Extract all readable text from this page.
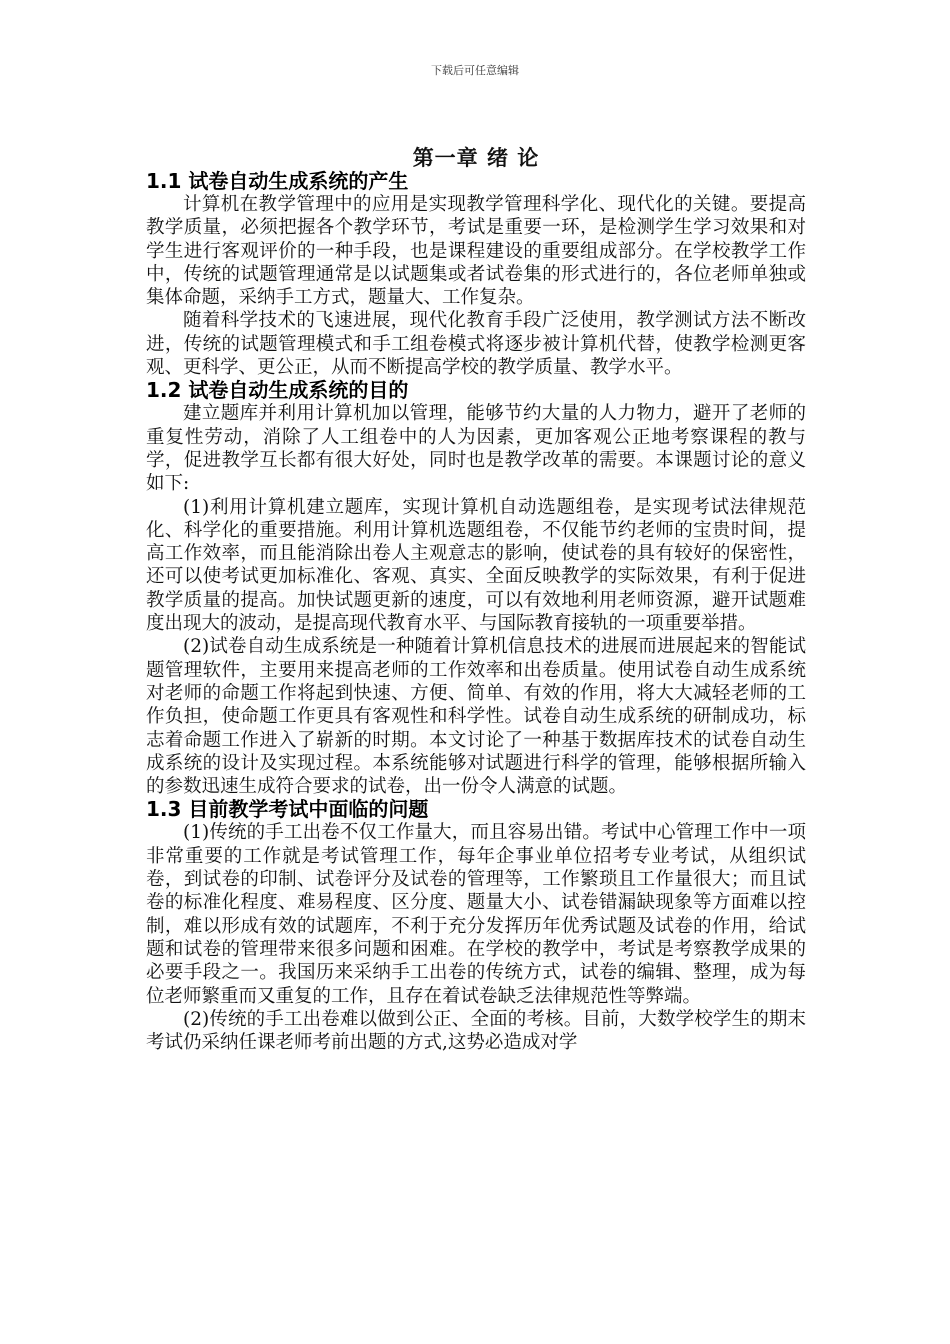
下载后可任意编辑
第一章 绪 论
1.1 试卷自动生成系统的产生

计算机在教学管理中的应用是实现教学管理科学化、现代化的关键。要提高教学质量，必须把握各个教学环节，考试是重要一环，是检测学生学习效果和对学生进行客观评价的一种手段，也是课程建设的重要组成部分。在学校教学工作中，传统的试题管理通常是以试题集或者试卷集的形式进行的，各位老师单独或集体命题，采纳手工方式，题量大、工作复杂。

随着科学技术的飞速进展，现代化教育手段广泛使用，教学测试方法不断改进，传统的试题管理模式和手工组卷模式将逐步被计算机代替，使教学检测更客观、更科学、更公正，从而不断提高学校的教学质量、教学水平。

1.2 试卷自动生成系统的目的

建立题库并利用计算机加以管理，能够节约大量的人力物力，避开了老师的重复性劳动，消除了人工组卷中的人为因素，更加客观公正地考察课程的教与学，促进教学互长都有很大好处，同时也是教学改革的需要。本课题讨论的意义如下:

(1)利用计算机建立题库，实现计算机自动选题组卷，是实现考试法律规范化、科学化的重要措施。利用计算机选题组卷，不仅能节约老师的宝贵时间，提高工作效率，而且能消除出卷人主观意志的影响，使试卷的具有较好的保密性，还可以使考试更加标准化、客观、真实、全面反映教学的实际效果，有利于促进教学质量的提高。加快试题更新的速度，可以有效地利用老师资源，避开试题难度出现大的波动，是提高现代教育水平、与国际教育接轨的一项重要举措。

(2)试卷自动生成系统是一种随着计算机信息技术的进展而进展起来的智能试题管理软件，主要用来提高老师的工作效率和出卷质量。使用试卷自动生成系统对老师的命题工作将起到快速、方便、简单、有效的作用，将大大减轻老师的工作负担，使命题工作更具有客观性和科学性。试卷自动生成系统的研制成功，标志着命题工作进入了崭新的时期。本文讨论了一种基于数据库技术的试卷自动生成系统的设计及实现过程。本系统能够对试题进行科学的管理，能够根据所输入的参数迅速生成符合要求的试卷，出一份令人满意的试题。

1.3 目前教学考试中面临的问题

(1)传统的手工出卷不仅工作量大，而且容易出错。考试中心管理工作中一项非常重要的工作就是考试管理工作，每年企事业单位招考专业考试，从组织试卷，到试卷的印制、试卷评分及试卷的管理等，工作繁琐且工作量很大；而且试卷的标准化程度、难易程度、区分度、题量大小、试卷错漏缺现象等方面难以控制，难以形成有效的试题库，不利于充分发挥历年优秀试题及试卷的作用，给试题和试卷的管理带来很多问题和困难。在学校的教学中，考试是考察教学成果的必要手段之一。我国历来采纳手工出卷的传统方式，试卷的编辑、整理，成为每位老师繁重而又重复的工作，且存在着试卷缺乏法律规范性等弊端。

(2)传统的手工出卷难以做到公正、全面的考核。目前，大数学校学生的期末考试仍采纳任课老师考前出题的方式,这势必造成对学
